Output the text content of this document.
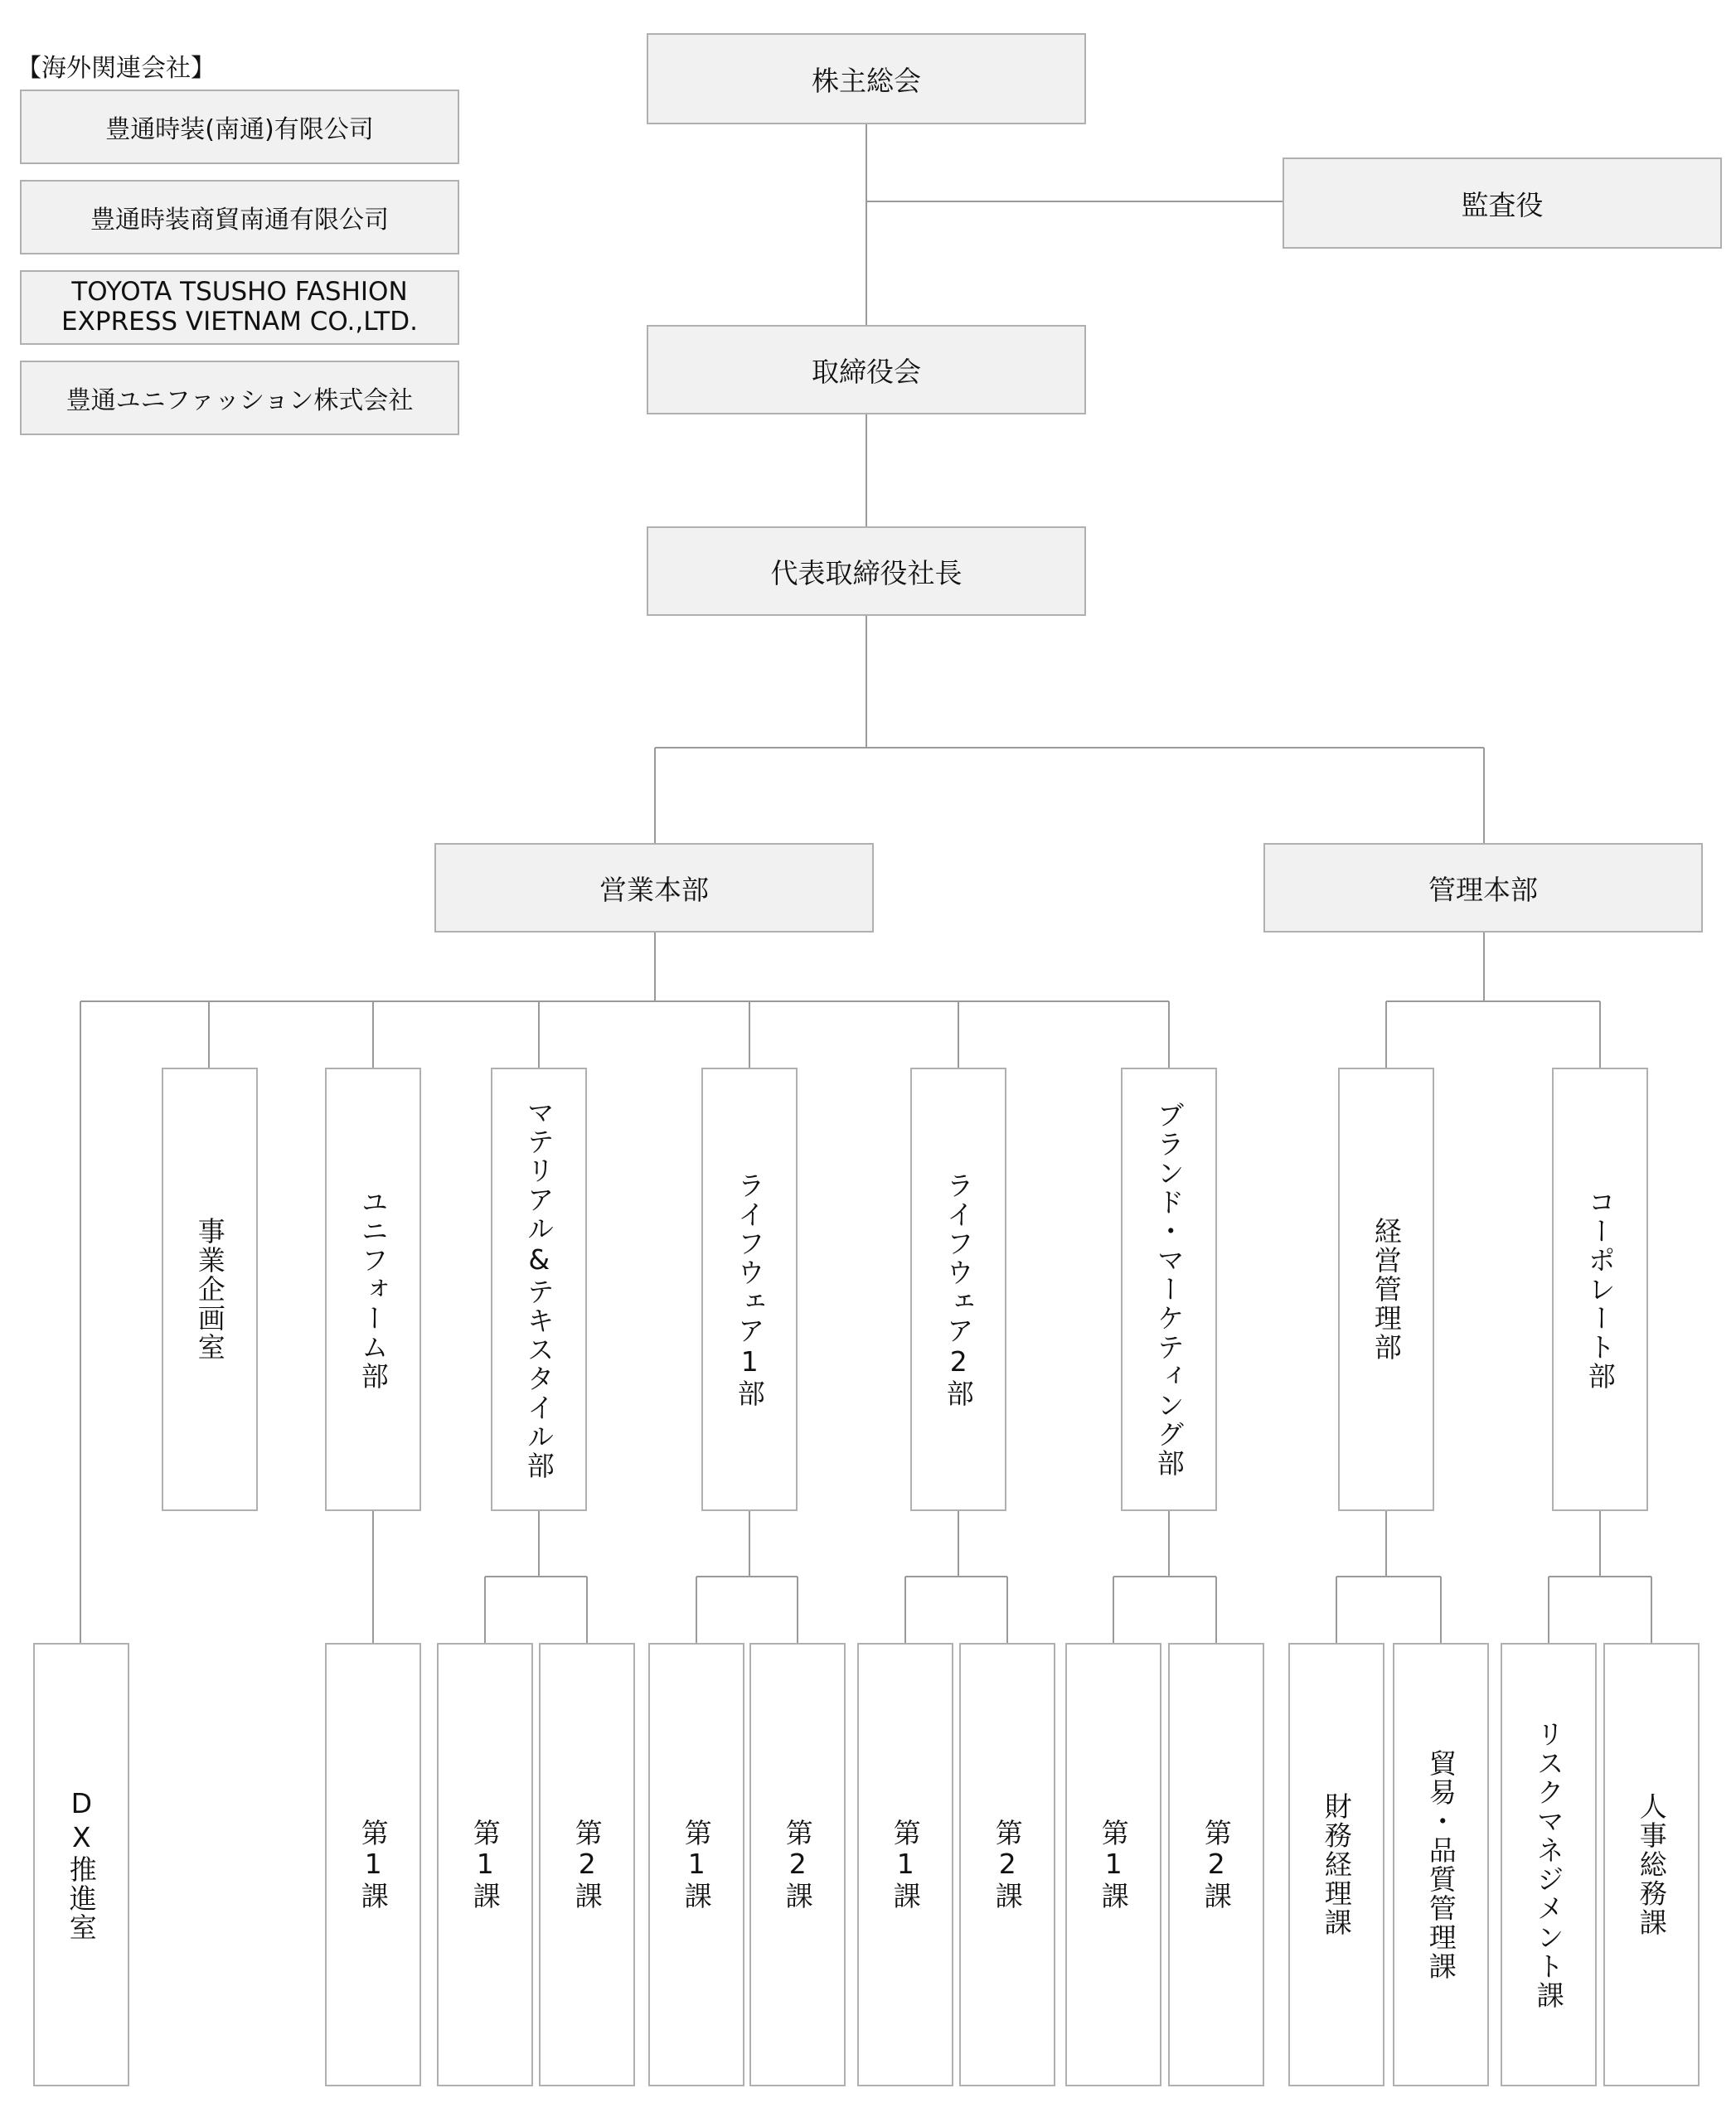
【海外関連会社】
豊通時装(南通)有限公司
豊通時装商貿南通有限公司
TOYOTA TSUSHO FASHION
EXPRESS VIETNAM CO.,LTD.
豊通ユニファッション株式会社
株主総会
監査役
取締役会
代表取締役社長
営業本部	管理本部
DX推進室
事業企画室	ユニフォーム部	マテリアル&テキスタイル部	ライフウェア1部	ライフウェア2部	ブランド・マーケティング部	経営管理部	コーポレート部
第1課	第1課	第2課	第1課	第2課	第1課	第2課	第1課	第2課	財務経理課	貿易・品質管理課	リスクマネジメント課	人事総務課
